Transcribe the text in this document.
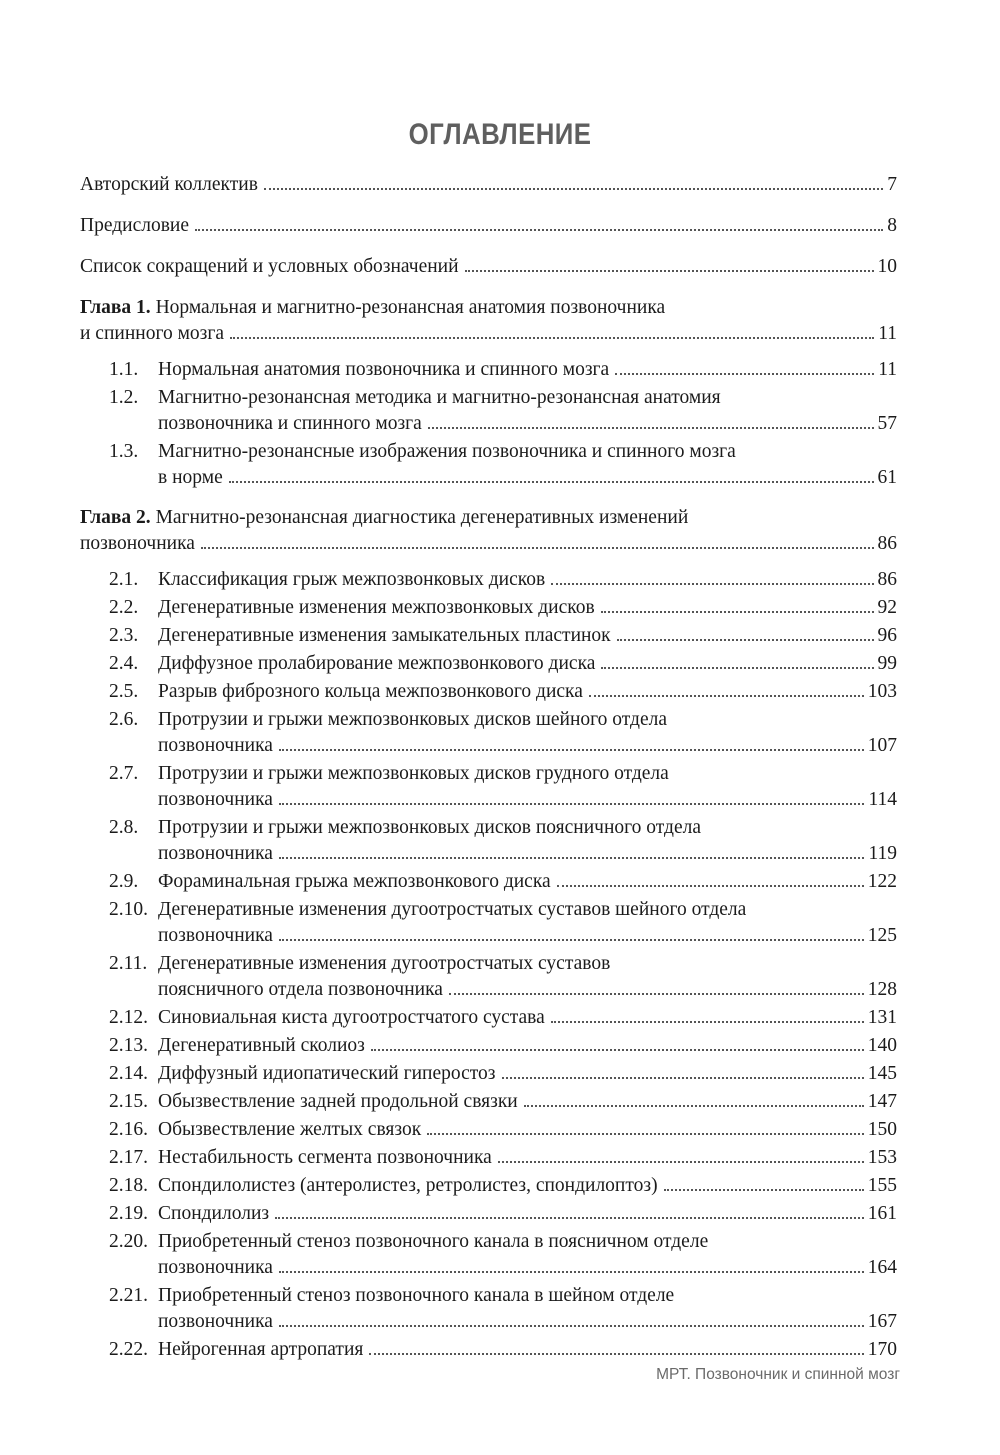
ОГЛАВЛЕНИЕ
Авторский коллектив	7
Предисловие	8
Список сокращений и условных обозначений	10
Глава 1. Нормальная и магнитно-резонансная анатомия позвоночника
и спинного мозга	11
1.1. Нормальная анатомия позвоночника и спинного мозга	11
1.2. Магнитно-резонансная методика и магнитно-резонансная анатомия
позвоночника и спинного мозга	57
1.3. Магнитно-резонансные изображения позвоночника и спинного мозга
в норме	61
Глава 2. Магнитно-резонансная диагностика дегенеративных изменений
позвоночника	86
2.1. Классификация грыж межпозвонковых дисков	86
2.2. Дегенеративные изменения межпозвонковых дисков	92
2.3. Дегенеративные изменения замыкательных пластинок	96
2.4. Диффузное пролабирование межпозвонкового диска	99
2.5. Разрыв фиброзного кольца межпозвонкового диска	103
2.6. Протрузии и грыжи межпозвонковых дисков шейного отдела
позвоночника	107
2.7. Протрузии и грыжи межпозвонковых дисков грудного отдела
позвоночника	114
2.8. Протрузии и грыжи межпозвонковых дисков поясничного отдела
позвоночника	119
2.9. Фораминальная грыжа межпозвонкового диска	122
2.10. Дегенеративные изменения дугоотростчатых суставов шейного отдела
позвоночника	125
2.11. Дегенеративные изменения дугоотростчатых суставов
поясничного отдела позвоночника	128
2.12. Синовиальная киста дугоотростчатого сустава	131
2.13. Дегенеративный сколиоз	140
2.14. Диффузный идиопатический гиперостоз	145
2.15. Обызвествление задней продольной связки	147
2.16. Обызвествление желтых связок	150
2.17. Нестабильность сегмента позвоночника	153
2.18. Спондилолистез (антеролистез, ретролистез, спондилоптоз)	155
2.19. Спондилолиз	161
2.20. Приобретенный стеноз позвоночного канала в поясничном отделе
позвоночника	164
2.21. Приобретенный стеноз позвоночного канала в шейном отделе
позвоночника	167
2.22. Нейрогенная артропатия	170
МРТ. Позвоночник и спинной мозг
